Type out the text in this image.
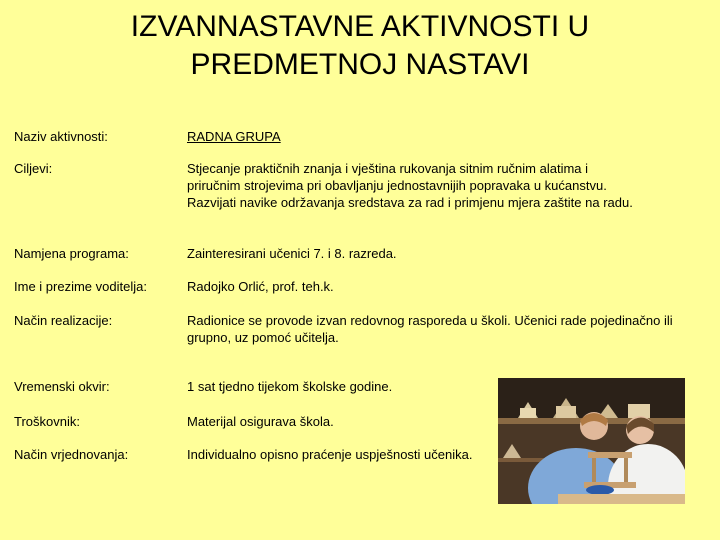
IZVANNASTAVNE AKTIVNOSTI U
PREDMETNOJ NASTAVI
Naziv aktivnosti:	RADNA GRUPA
Ciljevi:	Stjecanje praktičnih znanja i vještina rukovanja sitnim ručnim alatima i
priručnim strojevima pri obavljanju jednostavnijih popravaka u kućanstvu.
Razvijati navike održavanja sredstava za rad i primjenu mjera zaštite na radu.
Namjena programa:	Zainteresirani učenici 7. i 8. razreda.
Ime i prezime voditelja:	Radojko Orlić, prof. teh.k.
Način realizacije:	Radionice se provode izvan redovnog rasporeda u školi. Učenici rade pojedinačno ili
grupno, uz pomoć učitelja.
Vremenski okvir:	1 sat tjedno tijekom školske godine.
Troškovnik:	Materijal osigurava škola.
Način vrjednovanja:	Individualno opisno praćenje uspješnosti učenika.
